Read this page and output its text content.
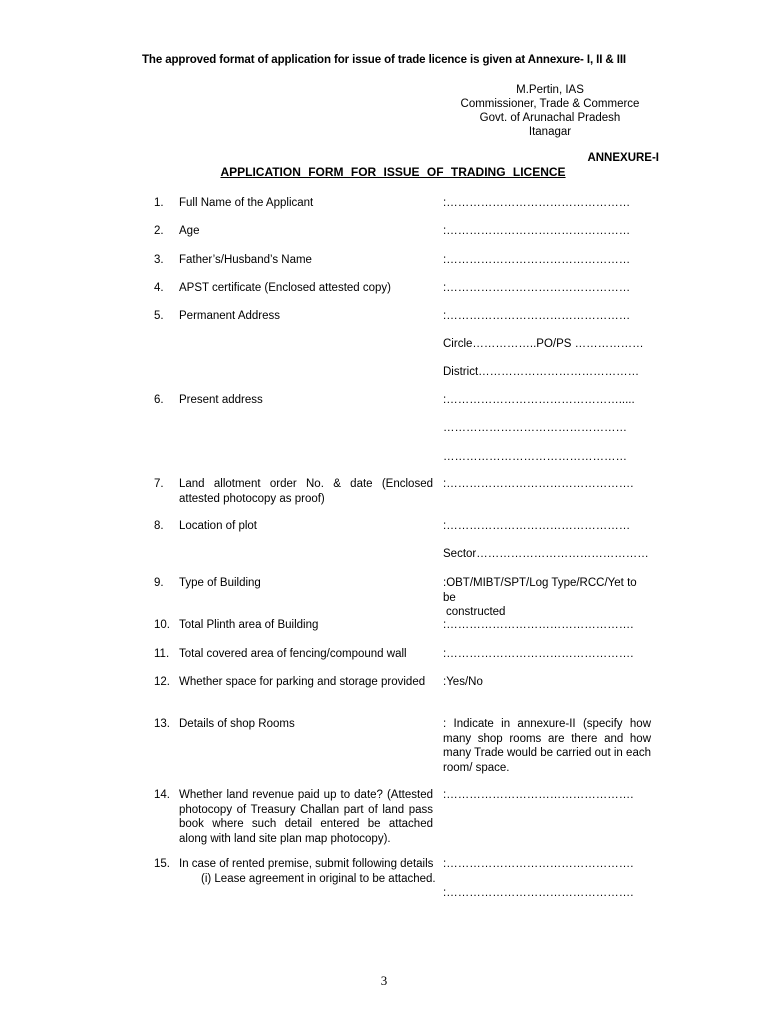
The approved format of application for issue of trade licence is given at Annexure- I, II & III
M.Pertin, IAS
Commissioner, Trade & Commerce
Govt. of Arunachal Pradesh
Itanagar
ANNEXURE-I
APPLICATION FORM FOR ISSUE OF TRADING LICENCE
1. Full Name of the Applicant	:…………………………………………
2. Age	:…………………………………………
3. Father’s/Husband’s Name	:…………………………………………
4. APST certificate (Enclosed attested copy)	:…………………………………………
5. Permanent Address	:…………………………………………
Circle……………..PO/PS ………………
District……………………………………
6. Present address	:……………………………………….....
…………………………………………
…………………………………………
7. Land allotment order No. & date (Enclosed attested photocopy as proof)
:………………………………………….
8. Location of plot	:…………………………………………
Sector………………………………………
9. Type of Building	:OBT/MIBT/SPT/Log Type/RCC/Yet to be
constructed
10. Total Plinth area of Building	:………………………………………….
11. Total covered area of fencing/compound wall	:………………………………………….
12. Whether space for parking and storage provided	:Yes/No
13. Details of shop Rooms	: Indicate in annexure-II (specify how many shop rooms are there and how many Trade would be carried out in each room/ space.
14. Whether land revenue paid up to date? (Attested photocopy of Treasury Challan part of land pass book where such detail entered be attached along with land site plan map photocopy).
:………………………………………….
15. In case of rented premise, submit following details
(i) Lease agreement in original to be attached.
:………………………………………….
:………………………………………….
3
